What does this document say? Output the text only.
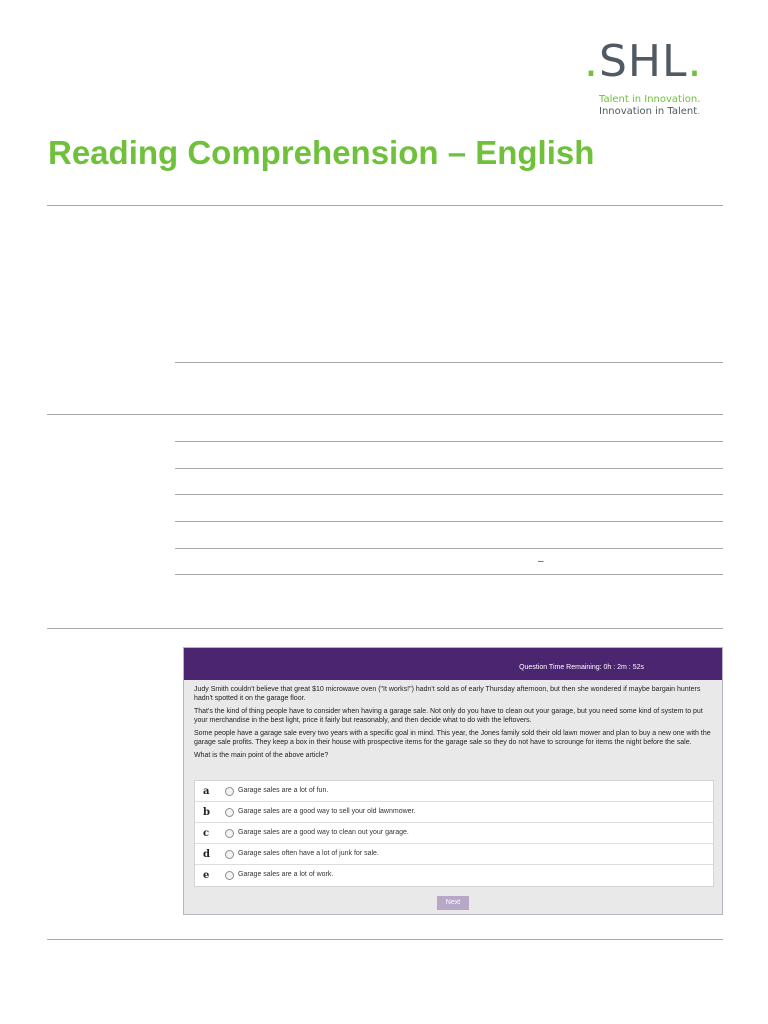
.SHL.
Talent in Innovation.
Innovation in Talent.
Reading Comprehension – English
–
Question Time Remaining: 0h : 2m : 52s

Judy Smith couldn't believe that great $10 microwave oven ("It works!") hadn't sold as of early Thursday afternoon, but then she wondered if maybe bargain hunters hadn't spotted it on the garage floor.

That's the kind of thing people have to consider when having a garage sale. Not only do you have to clean out your garage, but you need some kind of system to put your merchandise in the best light, price it fairly but reasonably, and then decide what to do with the leftovers.

Some people have a garage sale every two years with a specific goal in mind. This year, the Jones family sold their old lawn mower and plan to buy a new one with the garage sale profits. They keep a box in their house with prospective items for the garage sale so they do not have to scrounge for items the night before the sale.

What is the main point of the above article?

a	Garage sales are a lot of fun.
b	Garage sales are a good way to sell your old lawnmower.
c	Garage sales are a good way to clean out your garage.
d	Garage sales often have a lot of junk for sale.
e	Garage sales are a lot of work.
Next
